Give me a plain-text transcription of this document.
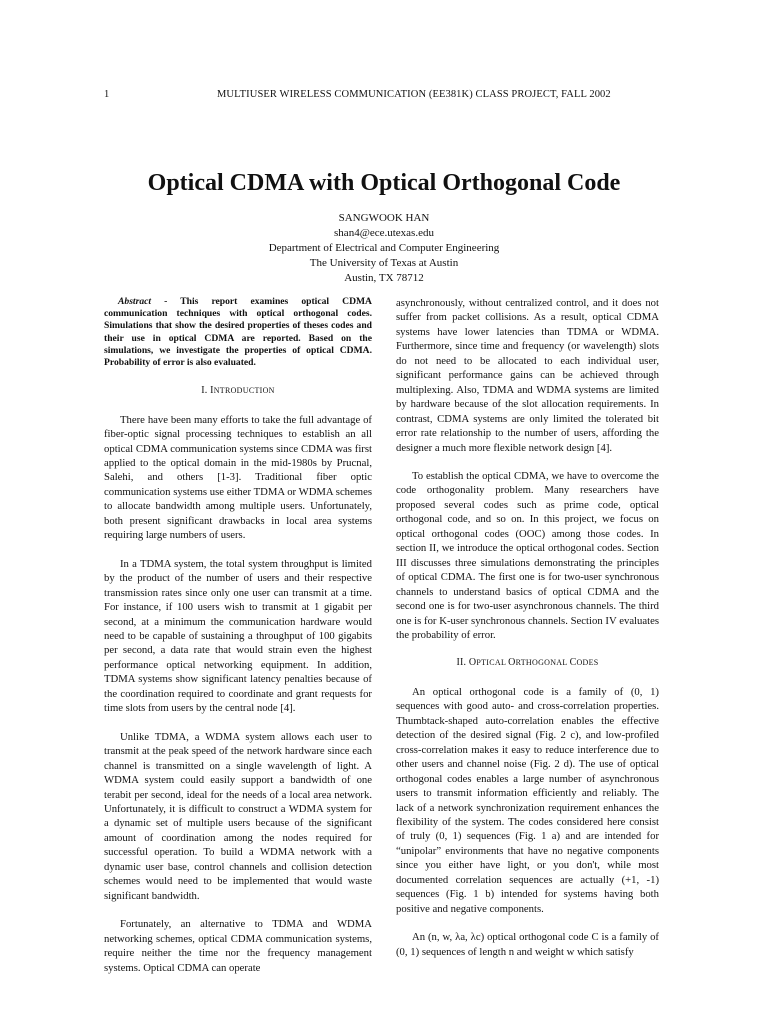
1	MULTIUSER WIRELESS COMMUNICATION (EE381K) CLASS PROJECT, FALL 2002
Optical CDMA with Optical Orthogonal Code
SANGWOOK HAN
shan4@ece.utexas.edu
Department of Electrical and Computer Engineering
The University of Texas at Austin
Austin, TX 78712

Abstract - This report examines optical CDMA communication techniques with optical orthogonal codes. Simulations that show the desired properties of theses codes and their use in optical CDMA are reported. Based on the simulations, we investigate the properties of optical CDMA. Probability of error is also evaluated.

I. INTRODUCTION

There have been many efforts to take the full advantage of fiber-optic signal processing techniques to establish an all optical CDMA communication systems since CDMA was first applied to the optical domain in the mid-1980s by Prucnal, Salehi, and others [1-3]. Traditional fiber optic communication systems use either TDMA or WDMA schemes to allocate bandwidth among multiple users. Unfortunately, both present significant drawbacks in local area systems requiring large numbers of users.

In a TDMA system, the total system throughput is limited by the product of the number of users and their respective transmission rates since only one user can transmit at a time. For instance, if 100 users wish to transmit at 1 gigabit per second, at a minimum the communication hardware would need to be capable of sustaining a throughput of 100 gigabits per second, a data rate that would strain even the highest performance optical networking equipment. In addition, TDMA systems show significant latency penalties because of the coordination required to coordinate and grant requests for time slots from users by the central node [4].

Unlike TDMA, a WDMA system allows each user to transmit at the peak speed of the network hardware since each channel is transmitted on a single wavelength of light. A WDMA system could easily support a bandwidth of one terabit per second, ideal for the needs of a local area network. Unfortunately, it is difficult to construct a WDMA system for a dynamic set of multiple users because of the significant amount of coordination among the nodes required for successful operation. To build a WDMA network with a dynamic user base, control channels and collision detection schemes would need to be implemented that would waste significant bandwidth.

Fortunately, an alternative to TDMA and WDMA networking schemes, optical CDMA communication systems, require neither the time nor the frequency management systems. Optical CDMA can operate

asynchronously, without centralized control, and it does not suffer from packet collisions. As a result, optical CDMA systems have lower latencies than TDMA or WDMA. Furthermore, since time and frequency (or wavelength) slots do not need to be allocated to each individual user, significant performance gains can be achieved through multiplexing. Also, TDMA and WDMA systems are limited by hardware because of the slot allocation requirements. In contrast, CDMA systems are only limited the tolerated bit error rate relationship to the number of users, affording the designer a much more flexible network design [4].

To establish the optical CDMA, we have to overcome the code orthogonality problem. Many researchers have proposed several codes such as prime code, optical orthogonal code, and so on. In this project, we focus on optical orthogonal codes (OOC) among those codes. In section II, we introduce the optical orthogonal codes. Section III discusses three simulations demonstrating the principles of optical CDMA. The first one is for two-user synchronous channels to understand basics of optical CDMA and the second one is for two-user asynchronous channels. The third one is for K-user synchronous channels. Section IV evaluates the probability of error.

II. OPTICAL ORTHOGONAL CODES

An optical orthogonal code is a family of (0, 1) sequences with good auto- and cross-correlation properties. Thumbtack-shaped auto-correlation enables the effective detection of the desired signal (Fig. 2 c), and low-profiled cross-correlation makes it easy to reduce interference due to other users and channel noise (Fig. 2 d). The use of optical orthogonal codes enables a large number of asynchronous users to transmit information efficiently and reliably. The lack of a network synchronization requirement enhances the flexibility of the system. The codes considered here consist of truly (0, 1) sequences (Fig. 1 a) and are intended for “unipolar” environments that have no negative components since you either have light, or you don't, while most documented correlation sequences are actually (+1, -1) sequences (Fig. 1 b) intended for systems having both positive and negative components.

An (n, w, λa, λc) optical orthogonal code C is a family of (0, 1) sequences of length n and weight w which satisfy
